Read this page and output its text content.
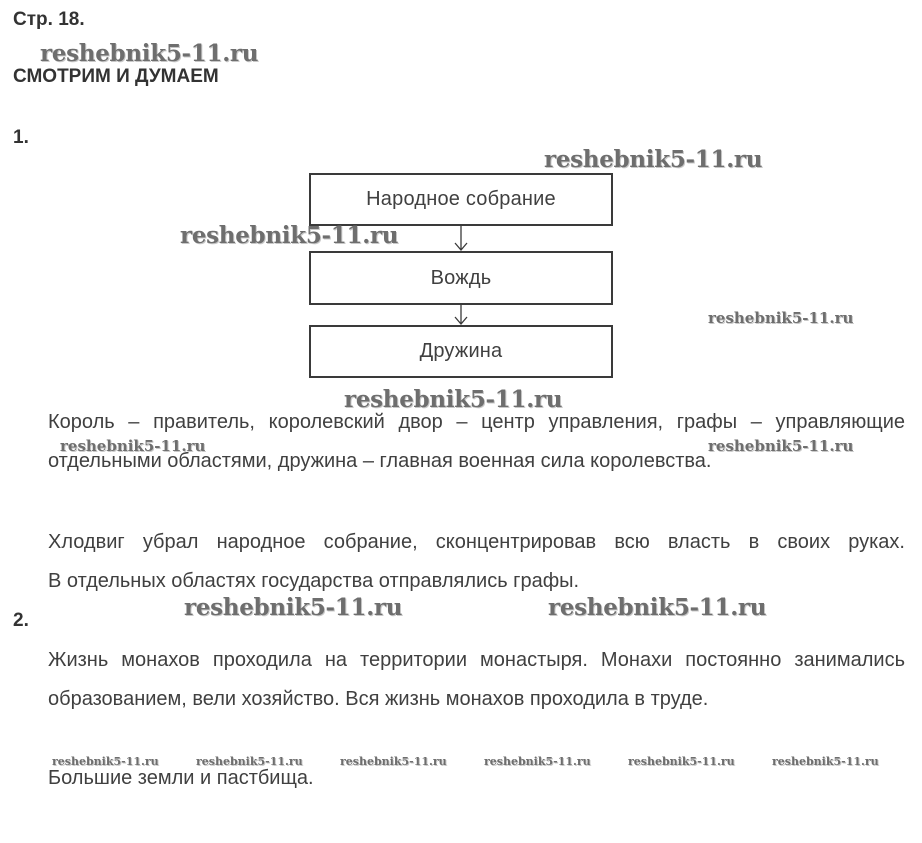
Стр. 18.
СМОТРИМ И ДУМАЕМ
1.
Народное собрание
Вождь
Дружина
Король – правитель, королевский двор – центр управления, графы – управляющие отдельными областями, дружина – главная военная сила королевства.
Хлодвиг убрал народное собрание, сконцентрировав всю власть в своих руках.
В отдельных областях государства отправлялись графы.
2.
Жизнь монахов проходила на территории монастыря. Монахи постоянно занимались образованием, вели хозяйство. Вся жизнь монахов проходила в труде.
Большие земли и пастбища.
reshebnik5-11.ru
reshebnik5-11.ru
reshebnik5-11.ru
reshebnik5-11.ru
reshebnik5-11.ru
reshebnik5-11.ru	reshebnik5-11.ru
reshebnik5-11.ru	reshebnik5-11.ru
reshebnik5-11.ru	reshebnik5-11.ru	reshebnik5-11.ru	reshebnik5-11.ru	reshebnik5-11.ru	reshebnik5-11.ru
